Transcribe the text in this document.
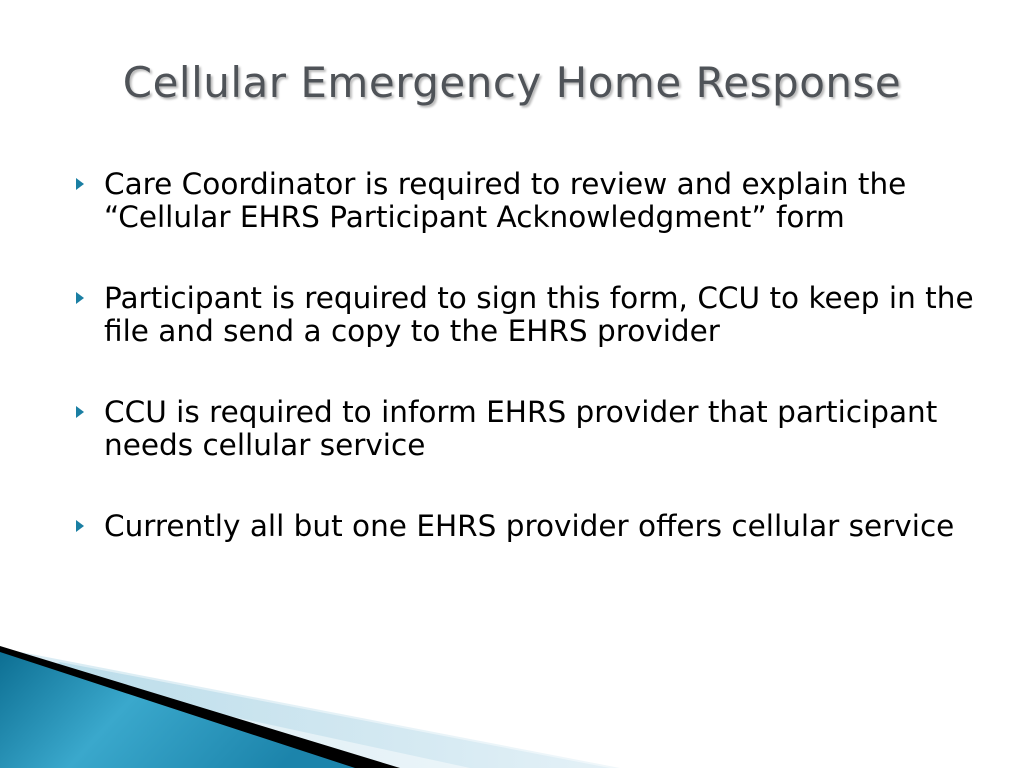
Cellular Emergency Home Response
Care Coordinator is required to review and explain the “Cellular EHRS Participant Acknowledgment” form
Participant is required to sign this form, CCU to keep in the file and send a copy to the EHRS provider
CCU is required to inform EHRS provider that participant needs cellular service
Currently all but one EHRS provider offers cellular service
